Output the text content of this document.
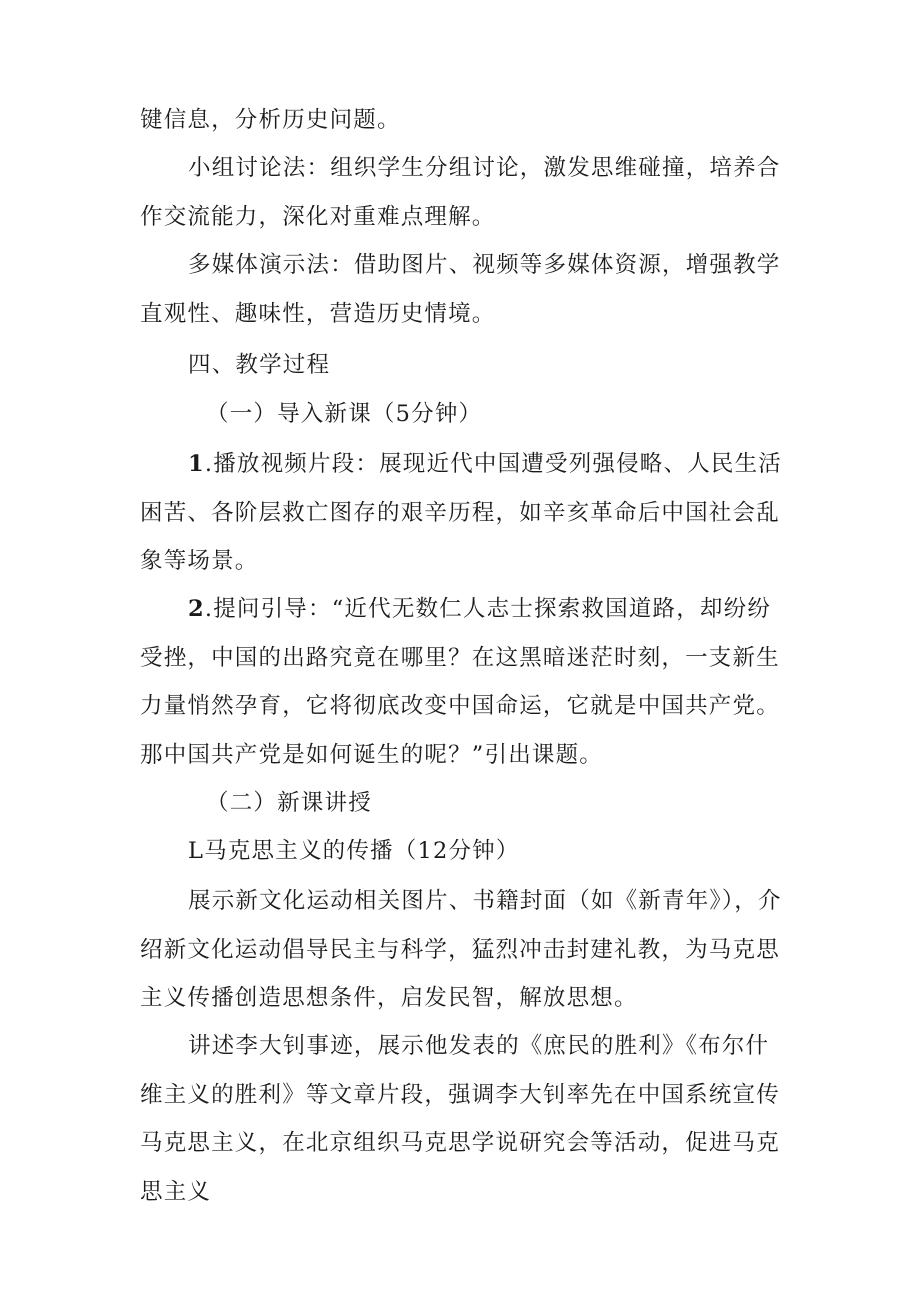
键信息，分析历史问题。

小组讨论法：组织学生分组讨论，激发思维碰撞，培养合作交流能力，深化对重难点理解。

多媒体演示法：借助图片、视频等多媒体资源，增强教学直观性、趣味性，营造历史情境。

四、教学过程

（一）导入新课（5分钟）

1.播放视频片段：展现近代中国遭受列强侵略、人民生活困苦、各阶层救亡图存的艰辛历程，如辛亥革命后中国社会乱象等场景。

2.提问引导：“近代无数仁人志士探索救国道路，却纷纷受挫，中国的出路究竟在哪里？在这黑暗迷茫时刻，一支新生力量悄然孕育，它将彻底改变中国命运，它就是中国共产党。那中国共产党是如何诞生的呢？”引出课题。

（二）新课讲授

L马克思主义的传播（12分钟）

展示新文化运动相关图片、书籍封面（如《新青年》），介绍新文化运动倡导民主与科学，猛烈冲击封建礼教，为马克思主义传播创造思想条件，启发民智，解放思想。

讲述李大钊事迹，展示他发表的《庶民的胜利》《布尔什维主义的胜利》等文章片段，强调李大钊率先在中国系统宣传马克思主义，在北京组织马克思学说研究会等活动，促进马克思主义
